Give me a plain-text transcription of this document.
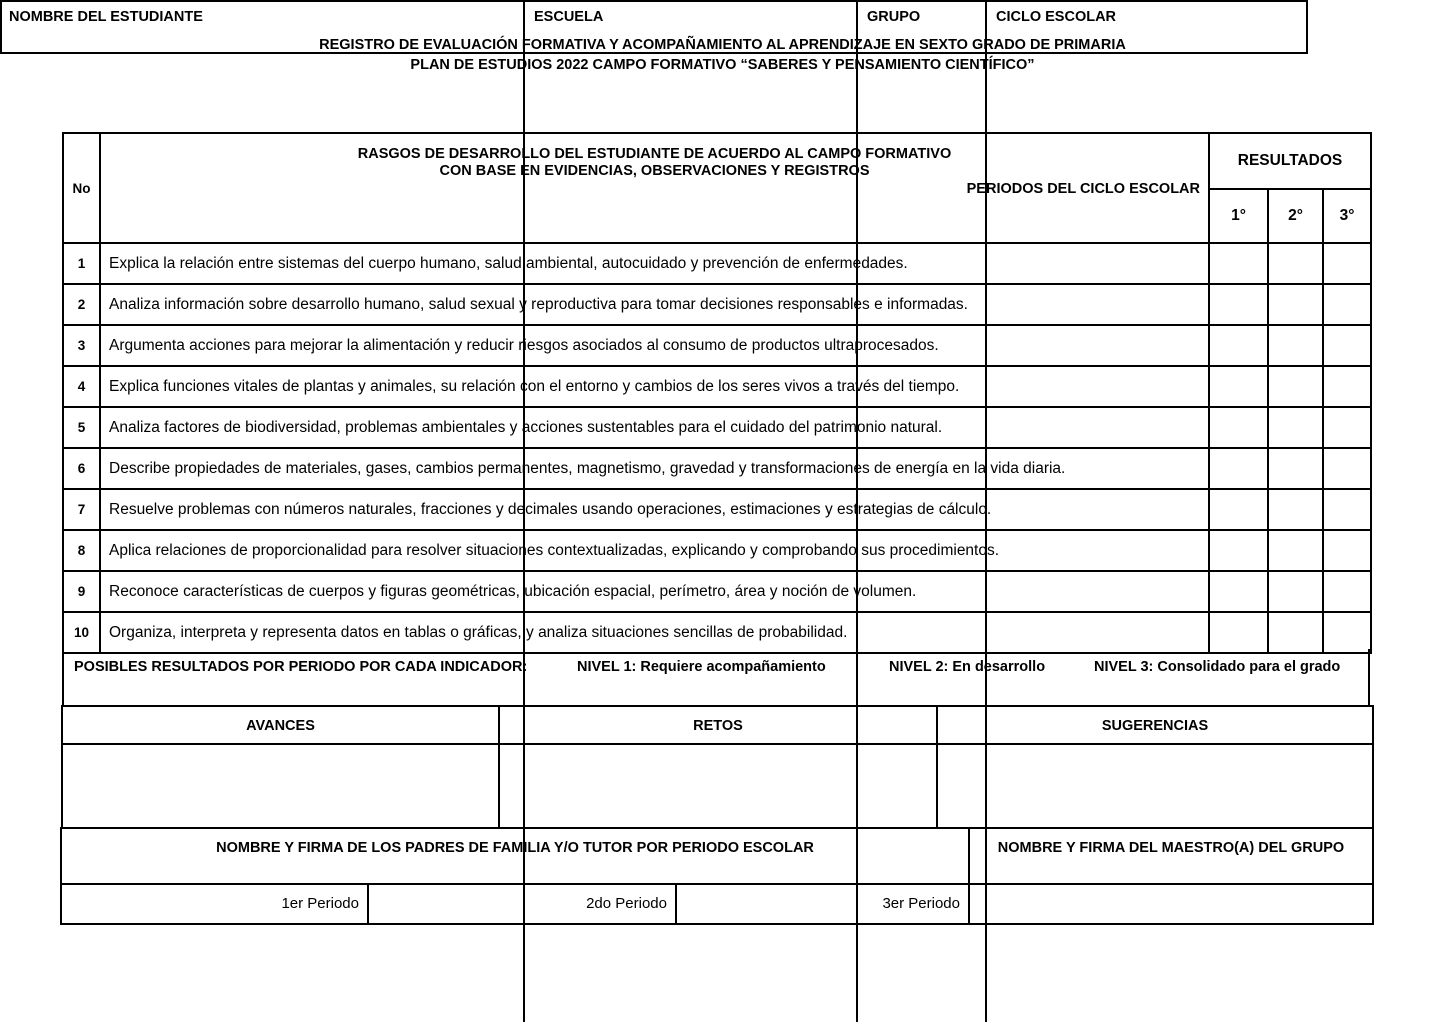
REGISTRO DE EVALUACIÓN FORMATIVA Y ACOMPAÑAMIENTO AL APRENDIZAJE EN SEXTO GRADO DE PRIMARIA
PLAN DE ESTUDIOS 2022 CAMPO FORMATIVO “SABERES Y PENSAMIENTO CIENTÍFICO”
NOMBRE DEL ESTUDIANTE	ESCUELA	GRUPO	CICLO ESCOLAR
No	RASGOS DE DESARROLLO DEL ESTUDIANTE DE ACUERDO AL CAMPO FORMATIVO
CON BASE EN EVIDENCIAS, OBSERVACIONES Y REGISTROS
PERIODOS DEL CICLO ESCOLAR	RESULTADOS		
		1°	2°	3°
1	Explica la relación entre sistemas del cuerpo humano, salud ambiental, autocuidado y prevención de enfermedades.			
2	Analiza información sobre desarrollo humano, salud sexual y reproductiva para tomar decisiones responsables e informadas.			
3	Argumenta acciones para mejorar la alimentación y reducir riesgos asociados al consumo de productos ultraprocesados.			
4	Explica funciones vitales de plantas y animales, su relación con el entorno y cambios de los seres vivos a través del tiempo.			
5	Analiza factores de biodiversidad, problemas ambientales y acciones sustentables para el cuidado del patrimonio natural.			
6	Describe propiedades de materiales, gases, cambios permanentes, magnetismo, gravedad y transformaciones de energía en la vida diaria.			
7	Resuelve problemas con números naturales, fracciones y decimales usando operaciones, estimaciones y estrategias de cálculo.			
8	Aplica relaciones de proporcionalidad para resolver situaciones contextualizadas, explicando y comprobando sus procedimientos.			
9	Reconoce características de cuerpos y figuras geométricas, ubicación espacial, perímetro, área y noción de volumen.			
10	Organiza, interpreta y representa datos en tablas o gráficas, y analiza situaciones sencillas de probabilidad.			
POSIBLES RESULTADOS POR PERIODO POR CADA INDICADOR:	NIVEL 1: Requiere acompañamiento	NIVEL 2: En desarrollo	NIVEL 3: Consolidado para el grado
AVANCES	RETOS	SUGERENCIAS
NOMBRE Y FIRMA DE LOS PADRES DE FAMILIA Y/O TUTOR POR PERIODO ESCOLAR	NOMBRE Y FIRMA DEL MAESTRO(A) DEL GRUPO
1er Periodo	2do Periodo	3er Periodo
